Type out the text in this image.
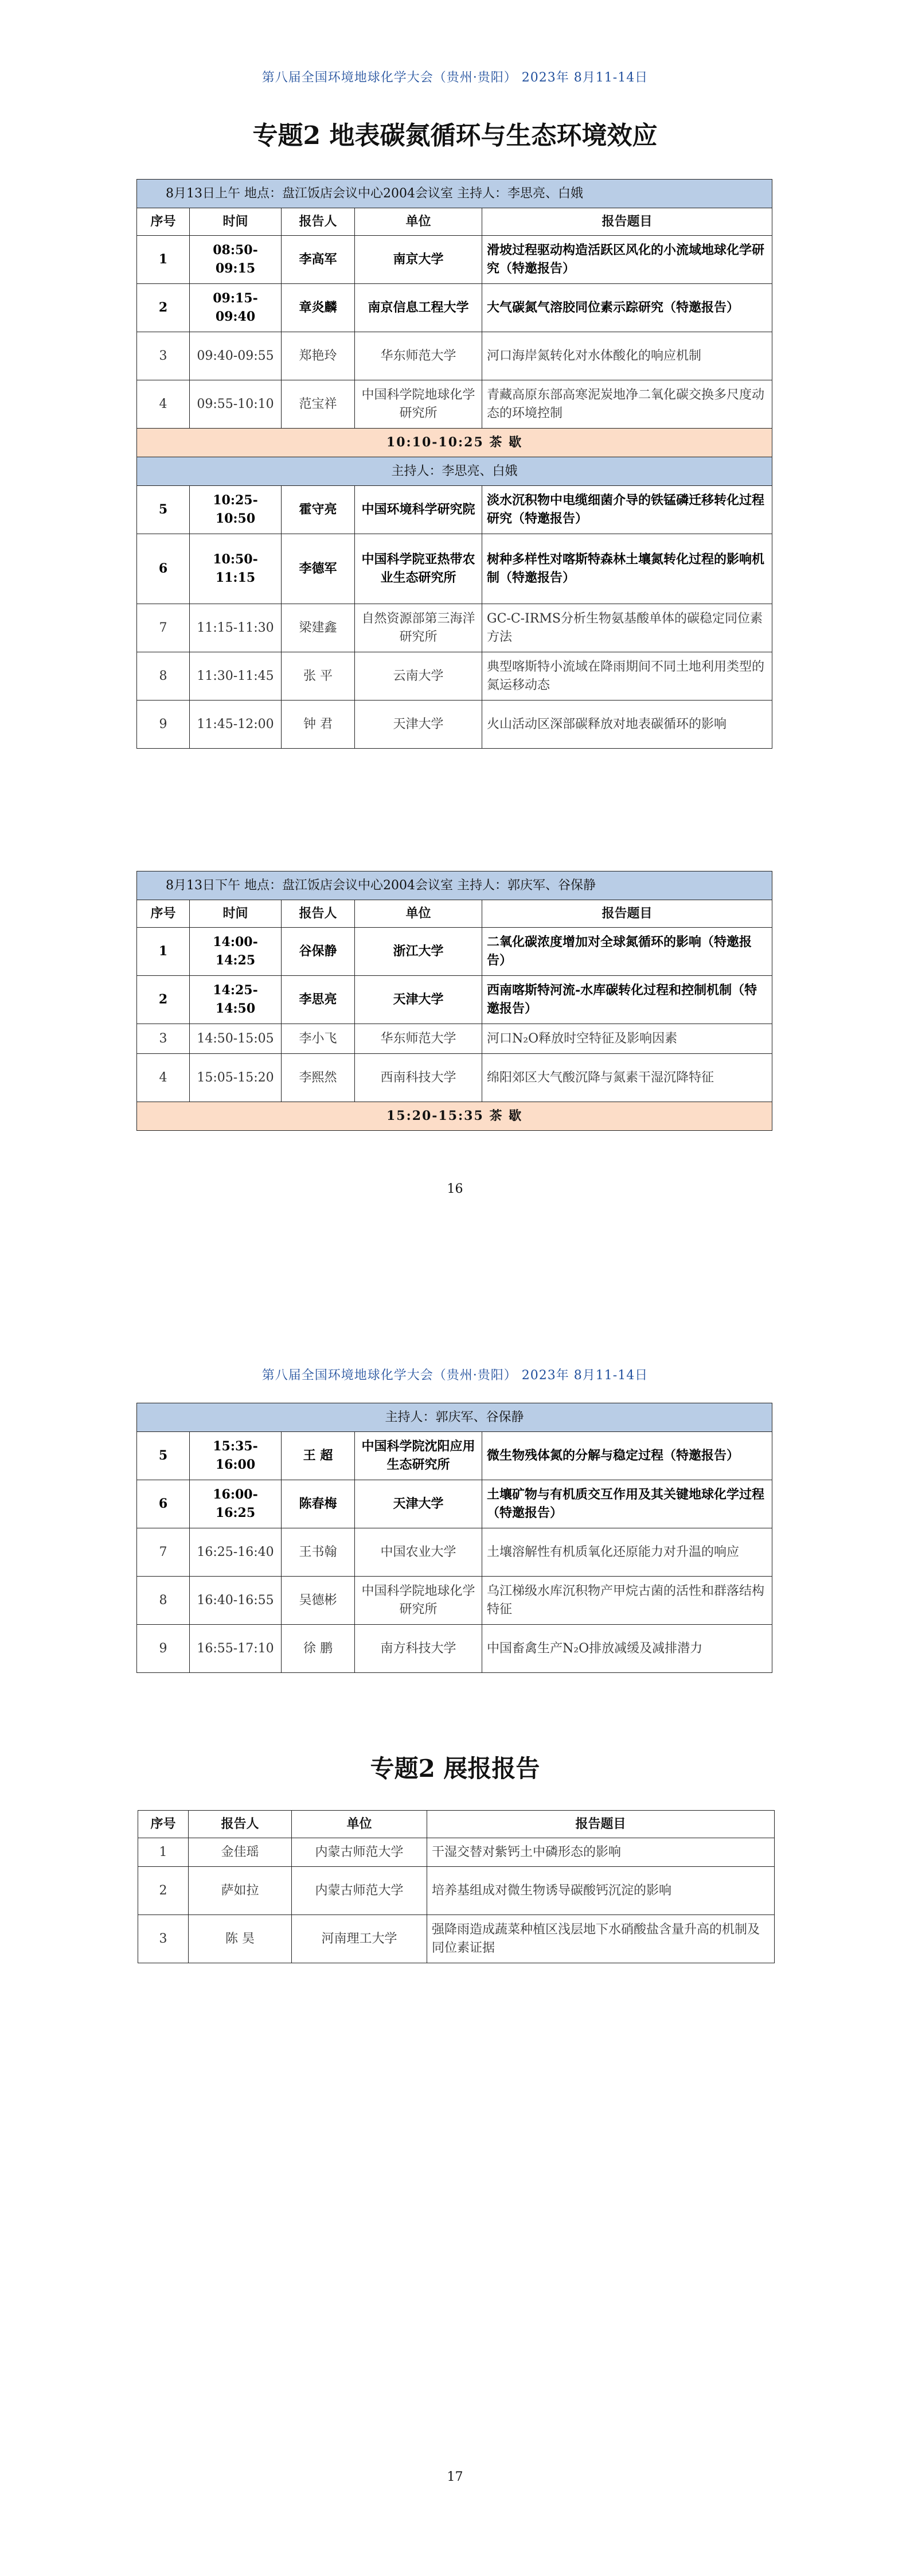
第八届全国环境地球化学大会（贵州·贵阳） 2023年 8月11-14日
专题2 地表碳氮循环与生态环境效应
8月13日上午 地点：盘江饭店会议中心2004会议室 主持人：李思亮、白娥				
序号	时间	报告人	单位	报告题目
1	08:50-09:15	李高军	南京大学	滑坡过程驱动构造活跃区风化的小流域地球化学研究（特邀报告）
2	09:15-09:40	章炎麟	南京信息工程大学	大气碳氮气溶胶同位素示踪研究（特邀报告）
3	09:40-09:55	郑艳玲	华东师范大学	河口海岸氮转化对水体酸化的响应机制
4	09:55-10:10	范宝祥	中国科学院地球化学研究所	青藏高原东部高寒泥炭地净二氧化碳交换多尺度动态的环境控制
10:10-10:25 茶 歇				
主持人：李思亮、白娥				
5	10:25-10:50	霍守亮	中国环境科学研究院	淡水沉积物中电缆细菌介导的铁锰磷迁移转化过程研究（特邀报告）
6	10:50-11:15	李德军	中国科学院亚热带农业生态研究所	树种多样性对喀斯特森林土壤氮转化过程的影响机制（特邀报告）
7	11:15-11:30	梁建鑫	自然资源部第三海洋研究所	GC-C-IRMS分析生物氨基酸单体的碳稳定同位素方法
8	11:30-11:45	张 平	云南大学	典型喀斯特小流域在降雨期间不同土地利用类型的氮运移动态
9	11:45-12:00	钟 君	天津大学	火山活动区深部碳释放对地表碳循环的影响
8月13日下午 地点：盘江饭店会议中心2004会议室 主持人：郭庆军、谷保静				
序号	时间	报告人	单位	报告题目
1	14:00-14:25	谷保静	浙江大学	二氧化碳浓度增加对全球氮循环的影响（特邀报告）
2	14:25-14:50	李思亮	天津大学	西南喀斯特河流-水库碳转化过程和控制机制（特邀报告）
3	14:50-15:05	李小飞	华东师范大学	河口N₂O释放时空特征及影响因素
4	15:05-15:20	李熙然	西南科技大学	绵阳郊区大气酸沉降与氮素干湿沉降特征
15:20-15:35 茶 歇				
16
第八届全国环境地球化学大会（贵州·贵阳） 2023年 8月11-14日
主持人：郭庆军、谷保静				
5	15:35-16:00	王 超	中国科学院沈阳应用生态研究所	微生物残体氮的分解与稳定过程（特邀报告）
6	16:00-16:25	陈春梅	天津大学	土壤矿物与有机质交互作用及其关键地球化学过程（特邀报告）
7	16:25-16:40	王书翰	中国农业大学	土壤溶解性有机质氧化还原能力对升温的响应
8	16:40-16:55	吴德彬	中国科学院地球化学研究所	乌江梯级水库沉积物产甲烷古菌的活性和群落结构特征
9	16:55-17:10	徐 鹏	南方科技大学	中国畜禽生产N₂O排放减缓及减排潜力
专题2 展报报告
序号	报告人	单位	报告题目
1	金佳瑶	内蒙古师范大学	干湿交替对紫钙土中磷形态的影响
2	萨如拉	内蒙古师范大学	培养基组成对微生物诱导碳酸钙沉淀的影响
3	陈 昊	河南理工大学	强降雨造成蔬菜种植区浅层地下水硝酸盐含量升高的机制及同位素证据
17
